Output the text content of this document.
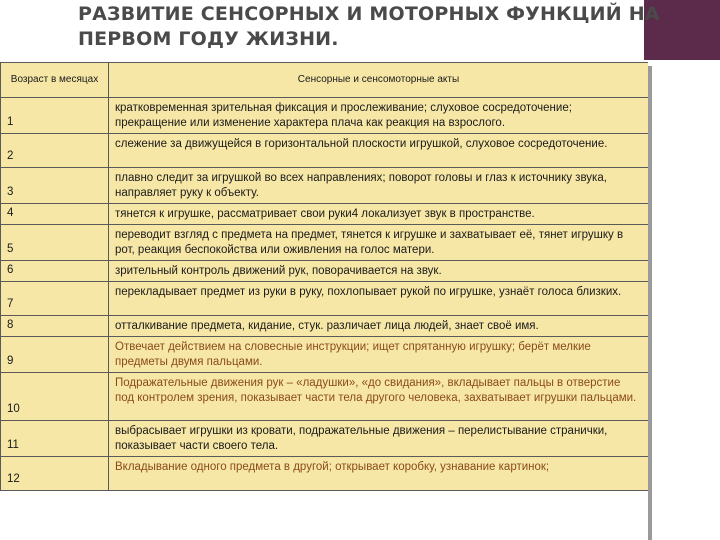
РАЗВИТИЕ СЕНСОРНЫХ И МОТОРНЫХ ФУНКЦИЙ НА ПЕРВОМ ГОДУ ЖИЗНИ.
Возраст в месяцах	Сенсорные и сенсомоторные акты
1	кратковременная зрительная фиксация и прослеживание; слуховое сосредоточение; прекращение или изменение характера плача как реакция на взрослого.
2	слежение за движущейся в горизонтальной плоскости игрушкой, слуховое сосредоточение.
3	плавно следит за игрушкой во всех направлениях; поворот головы и глаз к источнику звука, направляет руку к объекту.
4	тянется к игрушке, рассматривает свои руки4 локализует звук в пространстве.
5	переводит взгляд с предмета на предмет, тянется к игрушке и захватывает её, тянет игрушку в рот, реакция беспокойства или оживления на голос матери.
6	зрительный контроль движений рук, поворачивается на звук.
7	перекладывает предмет из руки в руку, похлопывает рукой по игрушке, узнаёт голоса близких.
8	отталкивание предмета, кидание, стук. различает лица людей, знает своё имя.
9	Отвечает действием на словесные инструкции; ищет спрятанную игрушку; берёт мелкие предметы двумя пальцами.
10	Подражательные движения рук – «ладушки», «до свидания», вкладывает пальцы в отверстие под контролем зрения, показывает части тела другого человека, захватывает игрушки пальцами.
11	выбрасывает игрушки из кровати, подражательные движения – перелистывание странички, показывает части своего тела.
12	Вкладывание одного предмета в другой; открывает коробку, узнавание картинок;
